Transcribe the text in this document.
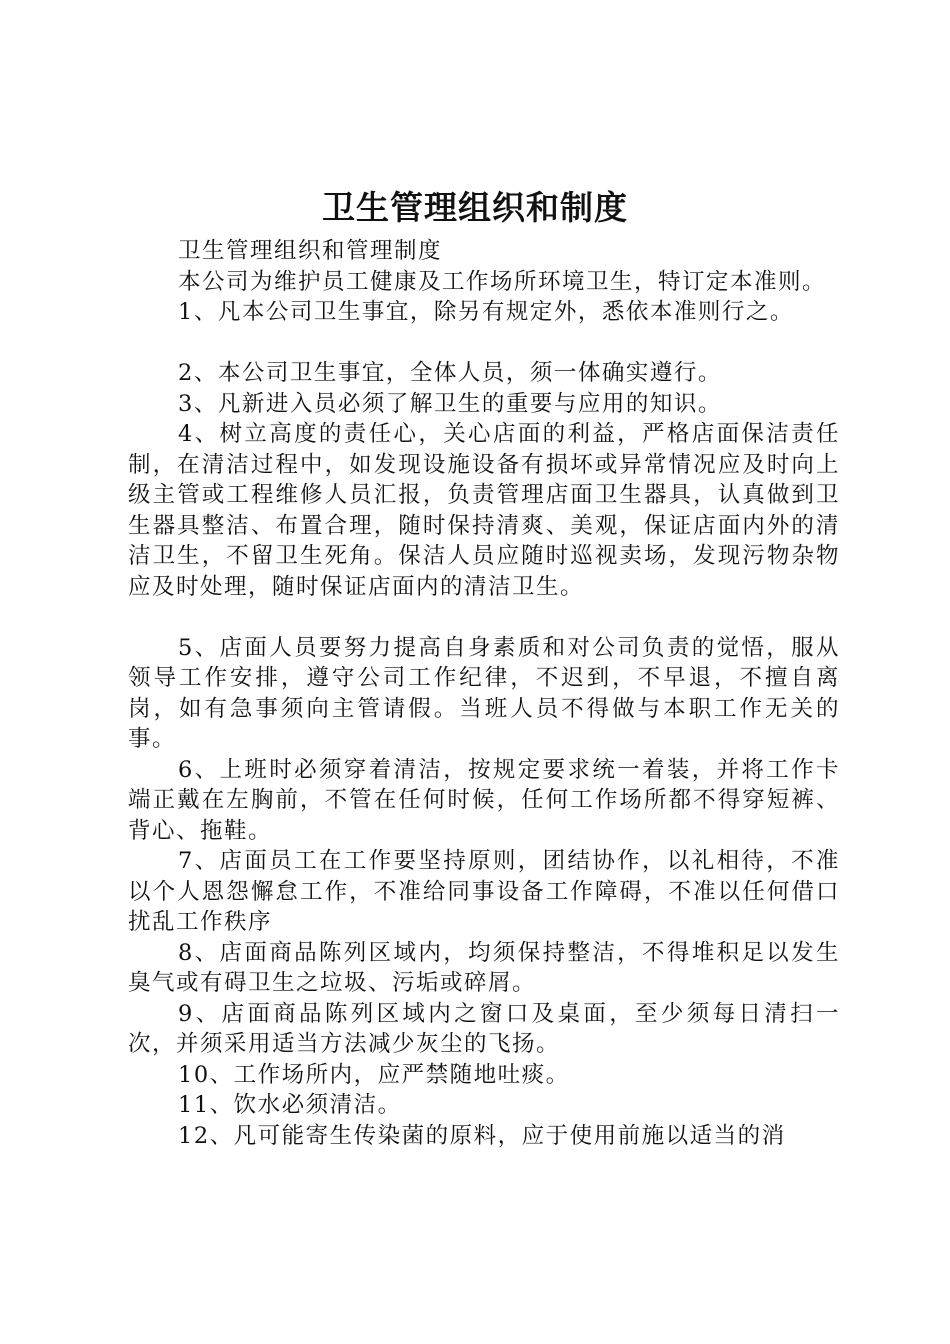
卫生管理组织和制度

卫生管理组织和管理制度

本公司为维护员工健康及工作场所环境卫生，特订定本准则。

1、凡本公司卫生事宜，除另有规定外，悉依本准则行之。

2、本公司卫生事宜，全体人员，须一体确实遵行。

3、凡新进入员必须了解卫生的重要与应用的知识。

4、树立高度的责任心，关心店面的利益，严格店面保洁责任制，在清洁过程中，如发现设施设备有损坏或异常情况应及时向上级主管或工程维修人员汇报，负责管理店面卫生器具，认真做到卫生器具整洁、布置合理，随时保持清爽、美观，保证店面内外的清洁卫生，不留卫生死角。保洁人员应随时巡视卖场，发现污物杂物应及时处理，随时保证店面内的清洁卫生。

5、店面人员要努力提高自身素质和对公司负责的觉悟，服从领导工作安排，遵守公司工作纪律，不迟到，不早退，不擅自离岗，如有急事须向主管请假。当班人员不得做与本职工作无关的事。

6、上班时必须穿着清洁，按规定要求统一着装，并将工作卡端正戴在左胸前，不管在任何时候，任何工作场所都不得穿短裤、背心、拖鞋。

7、店面员工在工作要坚持原则，团结协作，以礼相待，不准以个人恩怨懈怠工作，不准给同事设备工作障碍，不准以任何借口扰乱工作秩序

8、店面商品陈列区域内，均须保持整洁，不得堆积足以发生臭气或有碍卫生之垃圾、污垢或碎屑。

9、店面商品陈列区域内之窗口及桌面，至少须每日清扫一次，并须采用适当方法减少灰尘的飞扬。

10、工作场所内，应严禁随地吐痰。

11、饮水必须清洁。

12、凡可能寄生传染菌的原料，应于使用前施以适当的消
